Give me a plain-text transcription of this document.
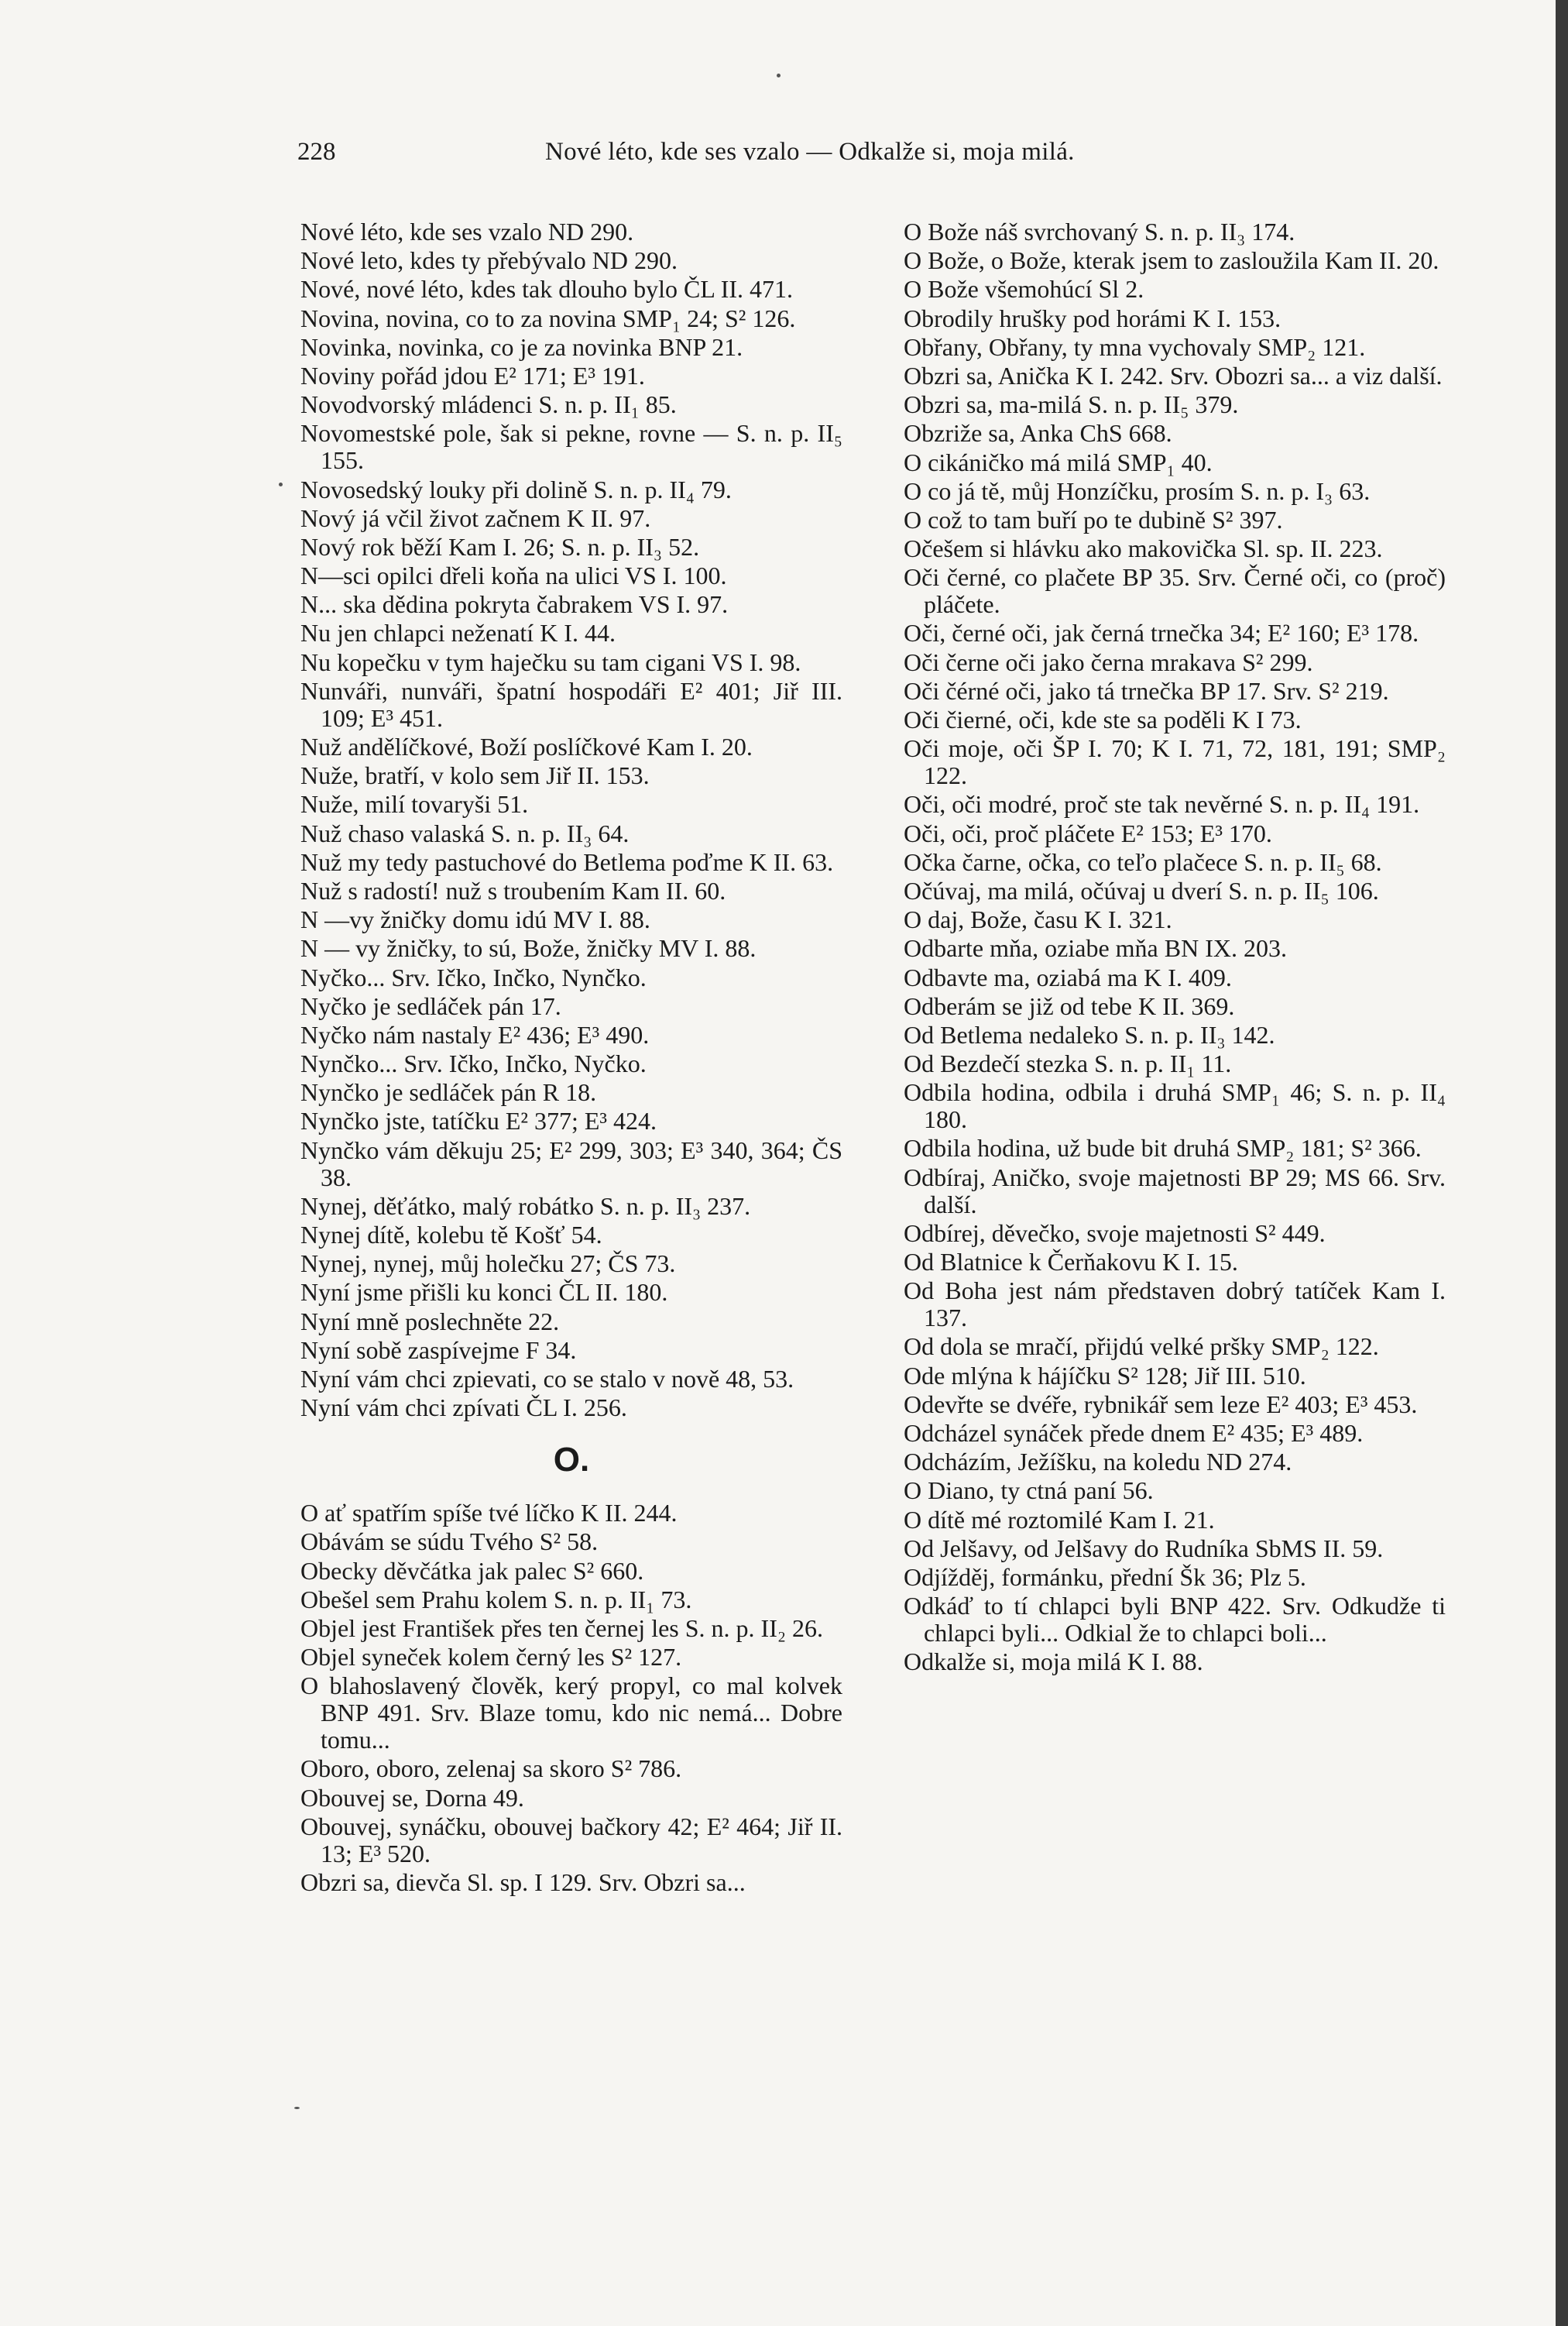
228	Nové léto, kde ses vzalo — Odkalže si, moja milá.

Nové léto, kde ses vzalo ND 290.

Nové leto, kdes ty přebývalo ND 290.

Nové, nové léto, kdes tak dlouho bylo ČL II. 471.

Novina, novina, co to za novina SMP₁ 24; S² 126.

Novinka, novinka, co je za novinka BNP 21.

Noviny pořád jdou E² 171; E³ 191.

Novodvorský mládenci S. n. p. II₁ 85.

Novomestské pole, šak si pekne, rovne — S. n. p. II₅ 155.

Novosedský louky při dolině S. n. p. II₄ 79.

Nový já včil život začnem K II. 97.

Nový rok běží Kam I. 26; S. n. p. II₃ 52.

N—sci opilci dřeli koňa na ulici VS I. 100.

N... ska dědina pokryta čabrakem VS I. 97.

Nu jen chlapci neženatí K I. 44.

Nu kopečku v tym haječku su tam cigani VS I. 98.

Nunváři, nunváři, špatní hospodáři E² 401; Jiř III. 109; E³ 451.

Nuž andělíčkové, Boží poslíčkové Kam I. 20.

Nuže, bratří, v kolo sem Jiř II. 153.

Nuže, milí tovaryši 51.

Nuž chaso valaská S. n. p. II₃ 64.

Nuž my tedy pastuchové do Betlema poďme K II. 63.

Nuž s radostí! nuž s troubením Kam II. 60.

N —vy žničky domu idú MV I. 88.

N — vy žničky, to sú, Bože, žničky MV I. 88.

Nyčko... Srv. Ičko, Inčko, Nynčko.

Nyčko je sedláček pán 17.

Nyčko nám nastaly E² 436; E³ 490.

Nynčko... Srv. Ičko, Inčko, Nyčko.

Nynčko je sedláček pán R 18.

Nynčko jste, tatíčku E² 377; E³ 424.

Nynčko vám děkuju 25; E² 299, 303; E³ 340, 364; ČS 38.

Nynej, děťátko, malý robátko S. n. p. II₃ 237.

Nynej dítě, kolebu tě Košť 54.

Nynej, nynej, můj holečku 27; ČS 73.

Nyní jsme přišli ku konci ČL II. 180.

Nyní mně poslechněte 22.

Nyní sobě zaspívejme F 34.

Nyní vám chci zpievati, co se stalo v nově 48, 53.

Nyní vám chci zpívati ČL I. 256.

O.

O ať spatřím spíše tvé líčko K II. 244.

Obávám se súdu Tvého S² 58.

Obecky děvčátka jak palec S² 660.

Obešel sem Prahu kolem S. n. p. II₁ 73.

Objel jest František přes ten černej les S. n. p. II₂ 26.

Objel syneček kolem černý les S² 127.

O blahoslavený člověk, kerý propyl, co mal kolvek BNP 491. Srv. Blaze tomu, kdo nic nemá... Dobre tomu...

Oboro, oboro, zelenaj sa skoro S² 786.

Obouvej se, Dorna 49.

Obouvej, synáčku, obouvej bačkory 42; E² 464; Jiř II. 13; E³ 520.

Obzri sa, dievča Sl. sp. I 129. Srv. Obzri sa...

O Bože náš svrchovaný S. n. p. II₃ 174.

O Bože, o Bože, kterak jsem to zasloužila Kam II. 20.

O Bože všemohúcí Sl 2.

Obrodily hrušky pod horámi K I. 153.

Obřany, Obřany, ty mna vychovaly SMP₂ 121.

Obzri sa, Anička K I. 242. Srv. Obozri sa... a viz další.

Obzri sa, ma-milá S. n. p. II₅ 379.

Obzriže sa, Anka ChS 668.

O cikáničko má milá SMP₁ 40.

O co já tě, můj Honzíčku, prosím S. n. p. I₃ 63.

O což to tam buří po te dubině S² 397.

Očešem si hlávku ako makovička Sl. sp. II. 223.

Oči černé, co plačete BP 35. Srv. Černé oči, co (proč) pláčete.

Oči, černé oči, jak černá trnečka 34; E² 160; E³ 178.

Oči černe oči jako černa mrakava S² 299.

Oči čérné oči, jako tá trnečka BP 17. Srv. S² 219.

Oči čierné, oči, kde ste sa poděli K I 73.

Oči moje, oči ŠP I. 70; K I. 71, 72, 181, 191; SMP₂ 122.

Oči, oči modré, proč ste tak nevěrné S. n. p. II₄ 191.

Oči, oči, proč pláčete E² 153; E³ 170.

Očka čarne, očka, co teľo plačece S. n. p. II₅ 68.

Očúvaj, ma milá, očúvaj u dverí S. n. p. II₅ 106.

O daj, Bože, času K I. 321.

Odbarte mňa, oziabe mňa BN IX. 203.

Odbavte ma, oziabá ma K I. 409.

Odberám se již od tebe K II. 369.

Od Betlema nedaleko S. n. p. II₃ 142.

Od Bezdečí stezka S. n. p. II₁ 11.

Odbila hodina, odbila i druhá SMP₁ 46; S. n. p. II₄ 180.

Odbila hodina, už bude bit druhá SMP₂ 181; S² 366.

Odbíraj, Aničko, svoje majetnosti BP 29; MS 66. Srv. další.

Odbírej, děvečko, svoje majetnosti S² 449.

Od Blatnice k Čerňakovu K I. 15.

Od Boha jest nám představen dobrý tatíček Kam I. 137.

Od dola se mračí, přijdú velké pršky SMP₂ 122.

Ode mlýna k hájíčku S² 128; Jiř III. 510.

Odevřte se dvéře, rybnikář sem leze E² 403; E³ 453.

Odcházel synáček přede dnem E² 435; E³ 489.

Odcházím, Ježíšku, na koledu ND 274.

O Diano, ty ctná paní 56.

O dítě mé roztomilé Kam I. 21.

Od Jelšavy, od Jelšavy do Rudníka SbMS II. 59.

Odjížděj, formánku, přední Šk 36; Plz 5.

Odkáď to tí chlapci byli BNP 422. Srv. Odkudže ti chlapci byli... Odkial že to chlapci boli...

Odkalže si, moja milá K I. 88.
